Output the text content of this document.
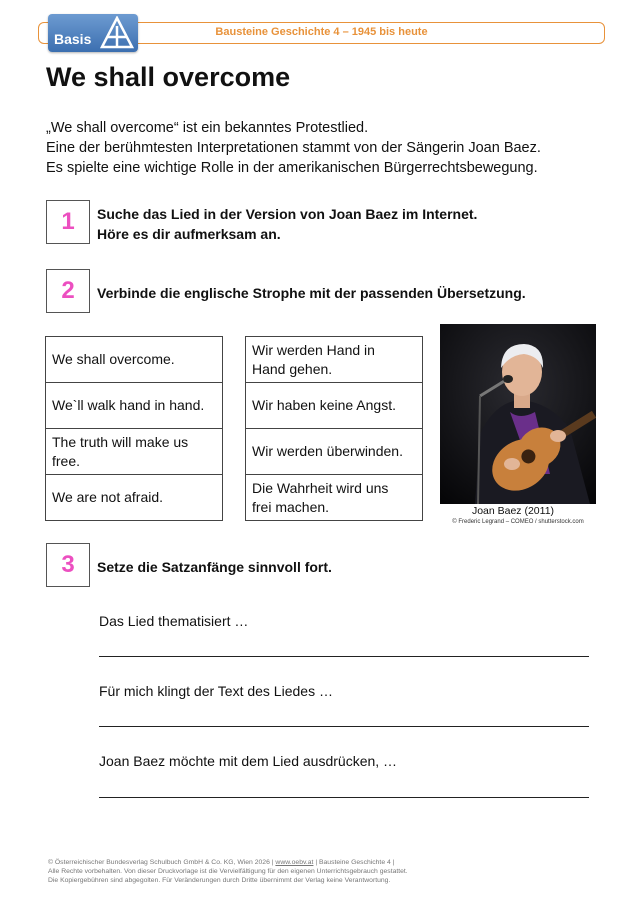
Bausteine Geschichte 4 – 1945 bis heute
Basis
We shall overcome
„We shall overcome“ ist ein bekanntes Protestlied.
Eine der berühmtesten Interpretationen stammt von der Sängerin Joan Baez.
Es spielte eine wichtige Rolle in der amerikanischen Bürgerrechtsbewegung.
1	Suche das Lied in der Version von Joan Baez im Internet.
Höre es dir aufmerksam an.
2	Verbinde die englische Strophe mit der passenden Übersetzung.
We shall overcome.
We`ll walk hand in hand.
The truth will make us
free.
We are not afraid.
Wir werden Hand in
Hand gehen.
Wir haben keine Angst.
Wir werden überwinden.
Die Wahrheit wird uns
frei machen.	Joan Baez (2011)
© Frederic Legrand – COMEO / shutterstock.com
3	Setze die Satzanfänge sinnvoll fort.
Das Lied thematisiert …
Für mich klingt der Text des Liedes …
Joan Baez möchte mit dem Lied ausdrücken, …
© Österreichischer Bundesverlag Schulbuch GmbH & Co. KG, Wien 2026 | www.oebv.at | Bausteine Geschichte 4 |
Alle Rechte vorbehalten. Von dieser Druckvorlage ist die Vervielfältigung für den eigenen Unterrichtsgebrauch gestattet.
Die Kopiergebühren sind abgegolten. Für Veränderungen durch Dritte übernimmt der Verlag keine Verantwortung.
